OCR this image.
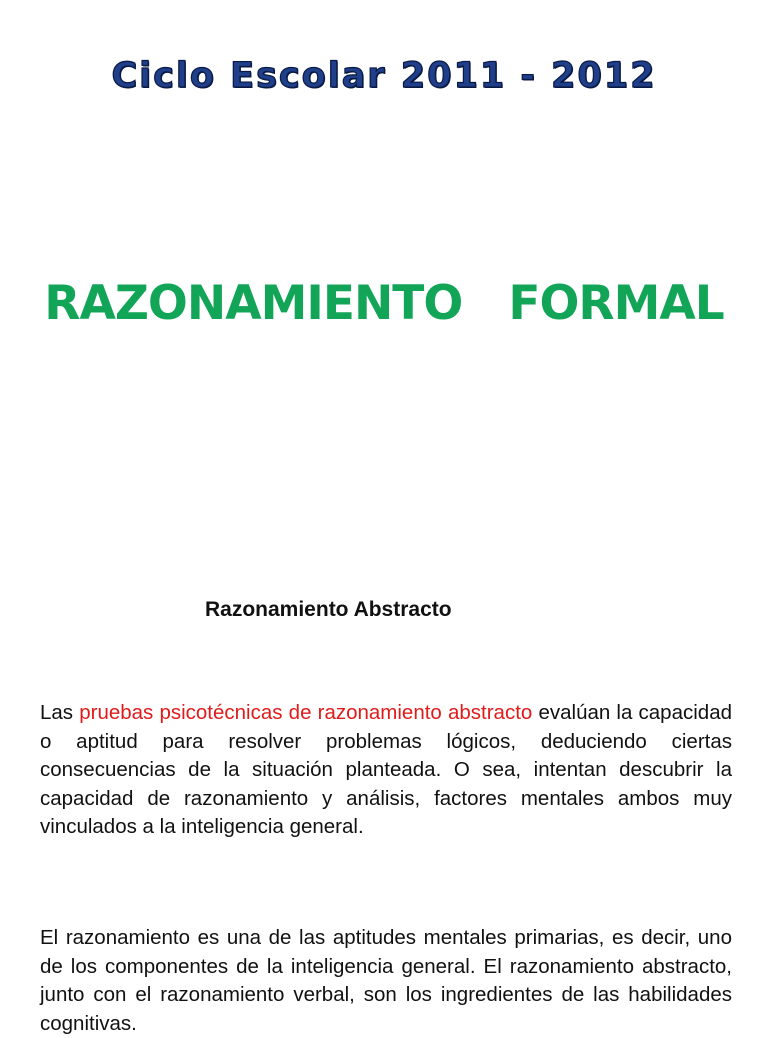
Ciclo Escolar 2011 - 2012
RAZONAMIENTO   FORMAL
Razonamiento Abstracto

Las pruebas psicotécnicas de razonamiento abstracto evalúan la capacidad o aptitud para resolver problemas lógicos, deduciendo ciertas consecuencias de la situación planteada. O sea, intentan descubrir la capacidad de razonamiento y análisis, factores mentales ambos muy vinculados a la inteligencia general.

El razonamiento es una de las aptitudes mentales primarias, es decir, uno de los componentes de la inteligencia general. El razonamiento abstracto, junto con el razonamiento verbal, son los ingredientes de las habilidades cognitivas.
